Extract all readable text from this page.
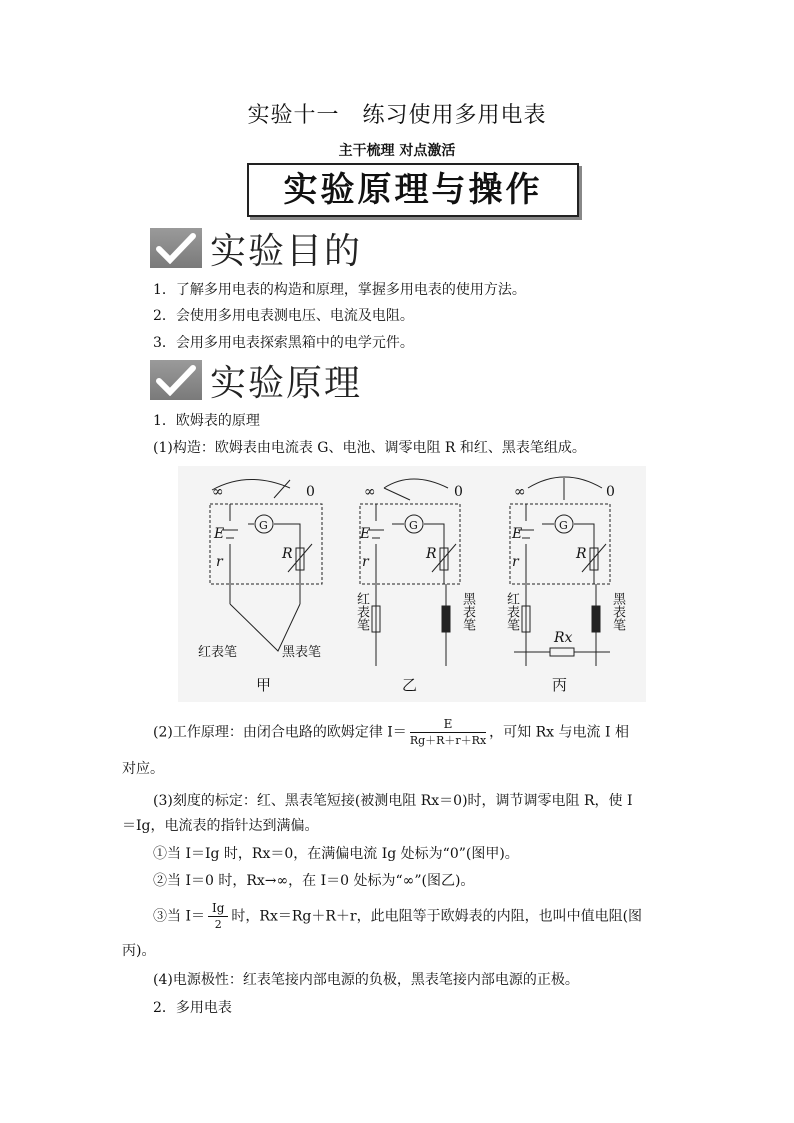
实验十一　练习使用多用电表
主干梳理 对点激活
实验原理与操作
实验目的
1．了解多用电表的构造和原理，掌握多用电表的使用方法。
2．会使用多用电表测电压、电流及电阻。
3．会用多用电表探索黑箱中的电学元件。
实验原理
1．欧姆表的原理
(1)构造：欧姆表由电流表 G、电池、调零电阻 R 和红、黑表笔组成。
∞	0
G
E
r	R
红表笔	黑表笔
甲
∞	0
G
E
r	R
乙
∞	0
G
E
r	R
Rx
丙
红表笔	黑表笔 红表笔	黑表笔
(2)工作原理：由闭合电路的欧姆定律 $I= \frac{E}{Rg+R+r+Rx}$ ，可知 Rx 与电流 I 相
对应。
(3)刻度的标定：红、黑表笔短接(被测电阻 Rx＝0)时，调节调零电阻 R，使 I
＝Ig，电流表的指针达到满偏。
①当 I＝Ig 时，Rx＝0，在满偏电流 Ig 处标为“0”(图甲)。
②当 I＝0 时，Rx→∞，在 I＝0 处标为“∞”(图乙)。
③当 $I= \frac{Ig}{2}$ 时，Rx＝Rg＋R＋r，此电阻等于欧姆表的内阻，也叫中值电阻(图
丙)。
(4)电源极性：红表笔接内部电源的负极，黑表笔接内部电源的正极。
2．多用电表
